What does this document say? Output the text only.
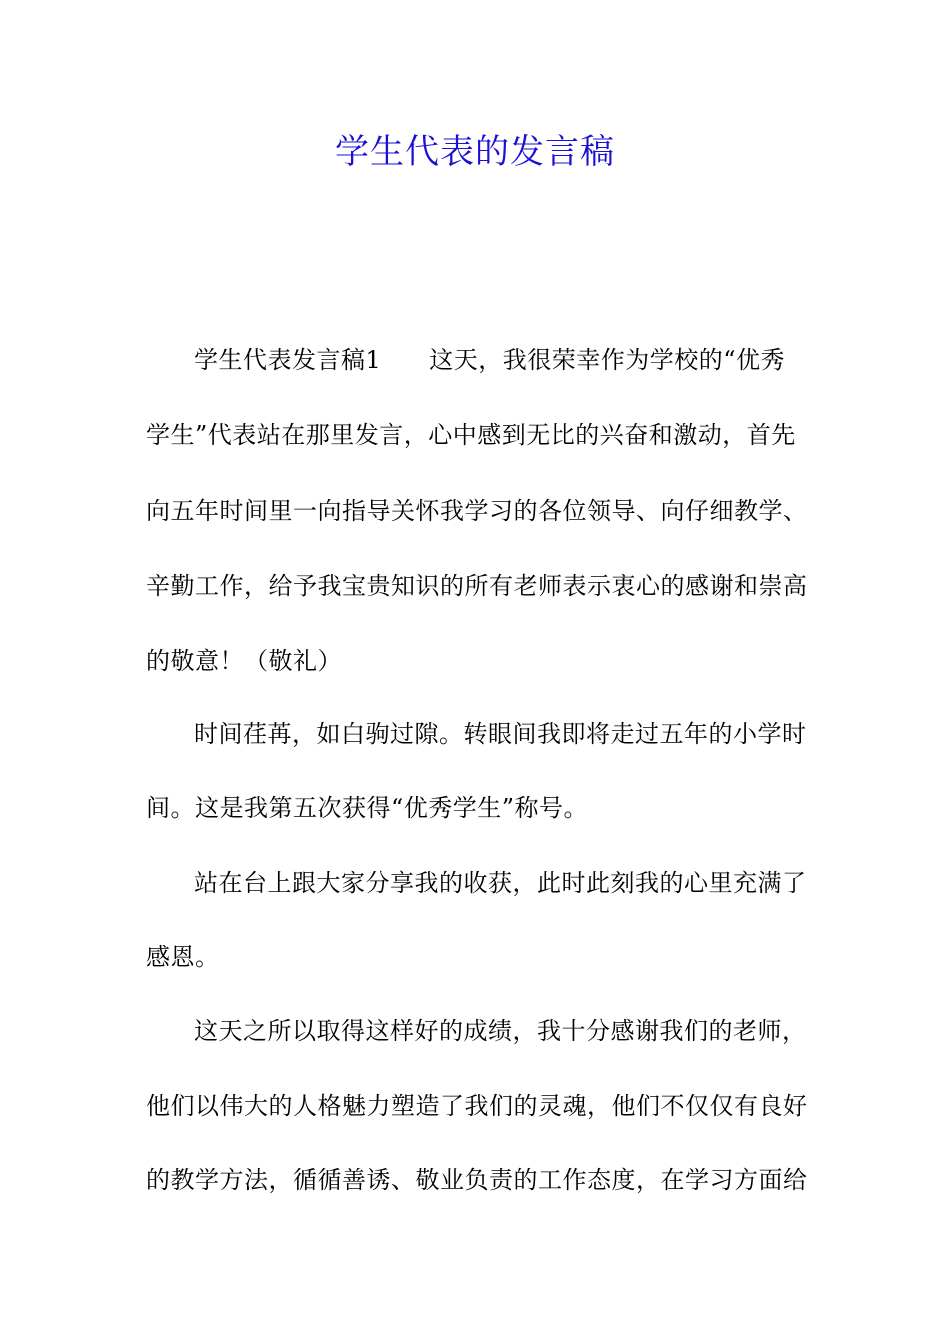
学生代表的发言稿
学生代表发言稿1 这天，我很荣幸作为学校的“优秀
学生”代表站在那里发言，心中感到无比的兴奋和激动，首先
向五年时间里一向指导关怀我学习的各位领导、向仔细教学、
辛勤工作，给予我宝贵知识的所有老师表示衷心的感谢和崇高
的敬意！（敬礼）
时间荏苒，如白驹过隙。转眼间我即将走过五年的小学时
间。这是我第五次获得“优秀学生”称号。
站在台上跟大家分享我的收获，此时此刻我的心里充满了
感恩。
这天之所以取得这样好的成绩，我十分感谢我们的老师，
他们以伟大的人格魅力塑造了我们的灵魂，他们不仅仅有良好
的教学方法，循循善诱、敬业负责的工作态度，在学习方面给
